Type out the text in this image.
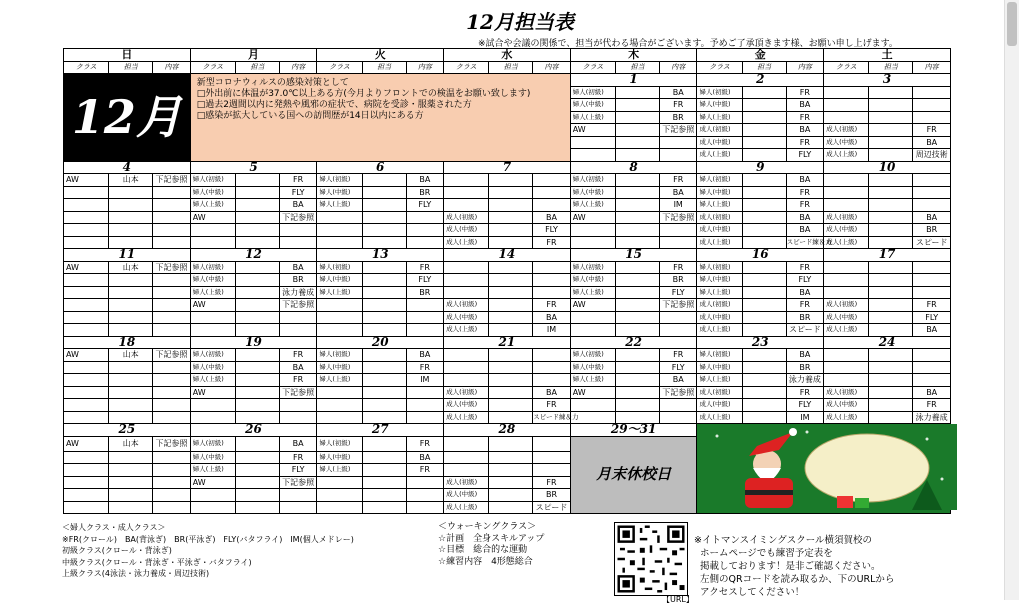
12月担当表
※試合や会議の関係で、担当が代わる場合がございます。予めご了承頂きます様、お願い申し上げます。
日			月			火			水			木			金			土		
クラス	担当	内容	クラス	担当	内容	クラス	担当	内容	クラス	担当	内容	クラス	担当	内容	クラス	担当	内容	クラス	担当	内容
12月			新型コロナウィルスの感染対策として
□外出前に体温が37.0℃以上ある方(今月よりフロントでの検温をお願い致します)
□過去2週間以内に発熱や風邪の症状で、病院を受診・服薬された方
□感染が拡大している国への訪問歴が14日以内にある方									1			2			3		
												婦人(初級)		BA	婦人(初級)		FR			
												婦人(中級)		FR	婦人(中級)		BA			
												婦人(上級)		BR	婦人(上級)		FR			
												AW		下記参照	成人(初級)		BA	成人(初級)		FR
															成人(中級)		FR	成人(中級)		BA
															成人(上級)		FLY	成人(上級)		周辺技術
4			5			6			7			8			9			10		
AW	山本	下記参照	婦人(初級)		FR	婦人(初級)		BA				婦人(初級)		FR	婦人(初級)		BA			
			婦人(中級)		FLY	婦人(中級)		BR				婦人(中級)		BA	婦人(中級)		FR			
			婦人(上級)		BA	婦人(上級)		FLY				婦人(上級)		IM	婦人(上級)		FR			
			AW		下記参照				成人(初級)		BA	AW		下記参照	成人(初級)		BA	成人(初級)		BA
									成人(中級)		FLY				成人(中級)		BA	成人(中級)		BR
									成人(上級)		FR				成人(上級)		スピード練＆力	成人(上級)		スピード
11			12			13			14			15			16			17		
AW	山本	下記参照	婦人(初級)		BA	婦人(初級)		FR				婦人(初級)		FR	婦人(初級)		FR			
			婦人(中級)		BR	婦人(中級)		FLY				婦人(中級)		BR	婦人(中級)		FLY			
			婦人(上級)		泳力養成	婦人(上級)		BR				婦人(上級)		FLY	婦人(上級)		BA			
			AW		下記参照				成人(初級)		FR	AW		下記参照	成人(初級)		FR	成人(初級)		FR
									成人(中級)		BA				成人(中級)		BR	成人(中級)		FLY
									成人(上級)		IM				成人(上級)		スピード	成人(上級)		BA
18			19			20			21			22			23			24		
AW	山本	下記参照	婦人(初級)		FR	婦人(初級)		BA				婦人(初級)		FR	婦人(初級)		BA			
			婦人(中級)		BA	婦人(中級)		FR				婦人(中級)		FLY	婦人(中級)		BR			
			婦人(上級)		FR	婦人(上級)		IM				婦人(上級)		BA	婦人(上級)		泳力養成			
			AW		下記参照				成人(初級)		BA	AW		下記参照	成人(初級)		FR	成人(初級)		BA
									成人(中級)		FR				成人(中級)		FLY	成人(中級)		FR
									成人(上級)		スピード練＆力				成人(上級)		IM	成人(上級)		泳力養成
25			26			27			28			29～31	
AW	山本	下記参照	婦人(初級)		BA	婦人(初級)		FR				月末休校日								
			婦人(中級)		FR	婦人(中級)		BA												
			婦人(上級)		FLY	婦人(上級)		FR												
			AW		下記参照				成人(初級)		FR									
									成人(中級)		BR									
									成人(上級)		スピード									
＜婦人クラス・成人クラス＞
※FR(クロール)　BA(背泳ぎ)　BR(平泳ぎ)　FLY(バタフライ)　IM(個人メドレー)
初級クラス(クロール・背泳ぎ)
中級クラス(クロール・背泳ぎ・平泳ぎ・バタフライ)
上級クラス(4泳法・泳力養成・周辺技術)
＜ウォーキングクラス＞
☆計画　全身スキルアップ
☆目標　総合的な運動
☆練習内容　4形態総合
※イトマンスイミングスクール横須賀校の
ホームページでも練習予定表を
掲載しております！是非ご確認ください。
左側のQRコードを読み取るか、下のURLから
アクセスしてください！
【URL】
